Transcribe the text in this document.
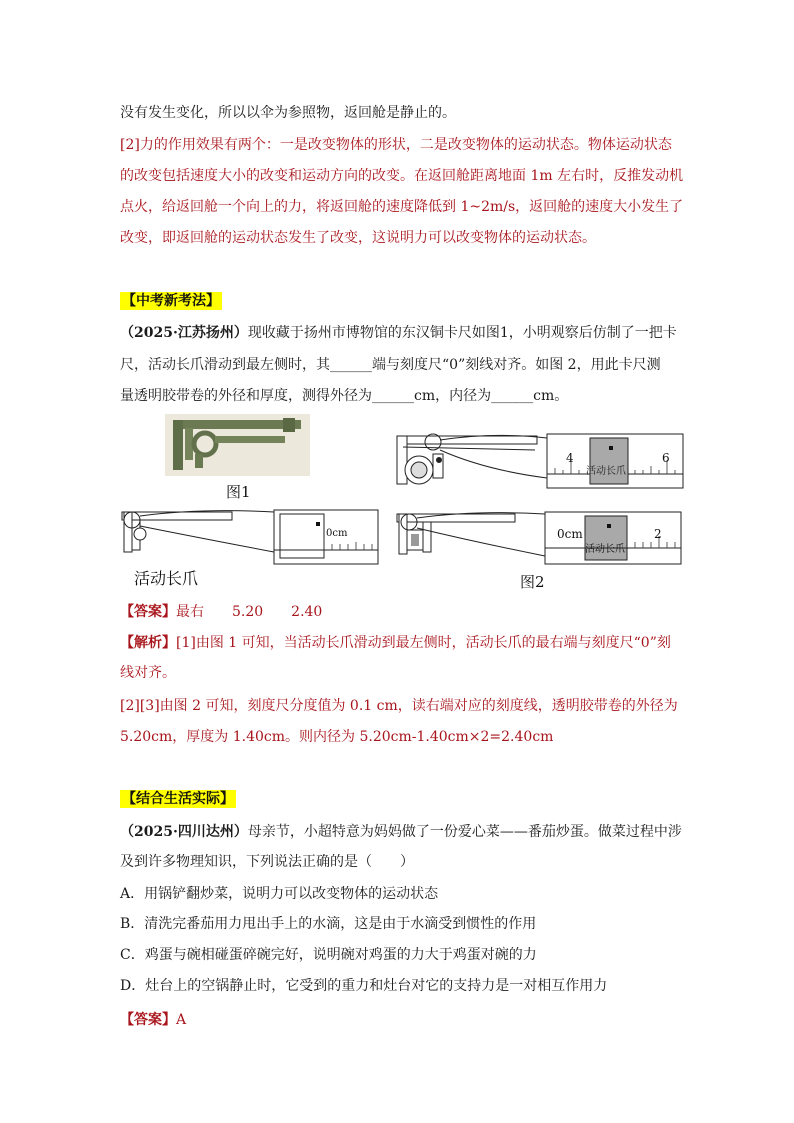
没有发生变化，所以以伞为参照物，返回舱是静止的。
[2]力的作用效果有两个：一是改变物体的形状，二是改变物体的运动状态。物体运动状态
的改变包括速度大小的改变和运动方向的改变。在返回舱距离地面 1m 左右时，反推发动机
点火，给返回舱一个向上的力，将返回舱的速度降低到 1~2m/s，返回舱的速度大小发生了
改变，即返回舱的运动状态发生了改变，这说明力可以改变物体的运动状态。
【中考新考法】
（2025·江苏扬州）现收藏于扬州市博物馆的东汉铜卡尺如图1，小明观察后仿制了一把卡
尺，活动长爪滑动到最左侧时，其______端与刻度尺“0”刻线对齐。如图 2，用此卡尺测
量透明胶带卷的外径和厚度，测得外径为______cm，内径为______cm。
图1
4	6
活动长爪
0cm
活动长爪
0cm	2
活动长爪
图2
【答案】最右　　5.20　　2.40
【解析】[1]由图 1 可知，当活动长爪滑动到最左侧时，活动长爪的最右端与刻度尺“0”刻
线对齐。
[2][3]由图 2 可知，刻度尺分度值为 0.1 cm，读右端对应的刻度线，透明胶带卷的外径为
5.20cm，厚度为 1.40cm。则内径为 5.20cm-1.40cm×2=2.40cm
【结合生活实际】
（2025·四川达州）母亲节，小超特意为妈妈做了一份爱心菜——番茄炒蛋。做菜过程中涉
及到许多物理知识，下列说法正确的是（　　）
A．用锅铲翻炒菜，说明力可以改变物体的运动状态
B．清洗完番茄用力甩出手上的水滴，这是由于水滴受到惯性的作用
C．鸡蛋与碗相碰蛋碎碗完好，说明碗对鸡蛋的力大于鸡蛋对碗的力
D．灶台上的空锅静止时，它受到的重力和灶台对它的支持力是一对相互作用力
【答案】A
